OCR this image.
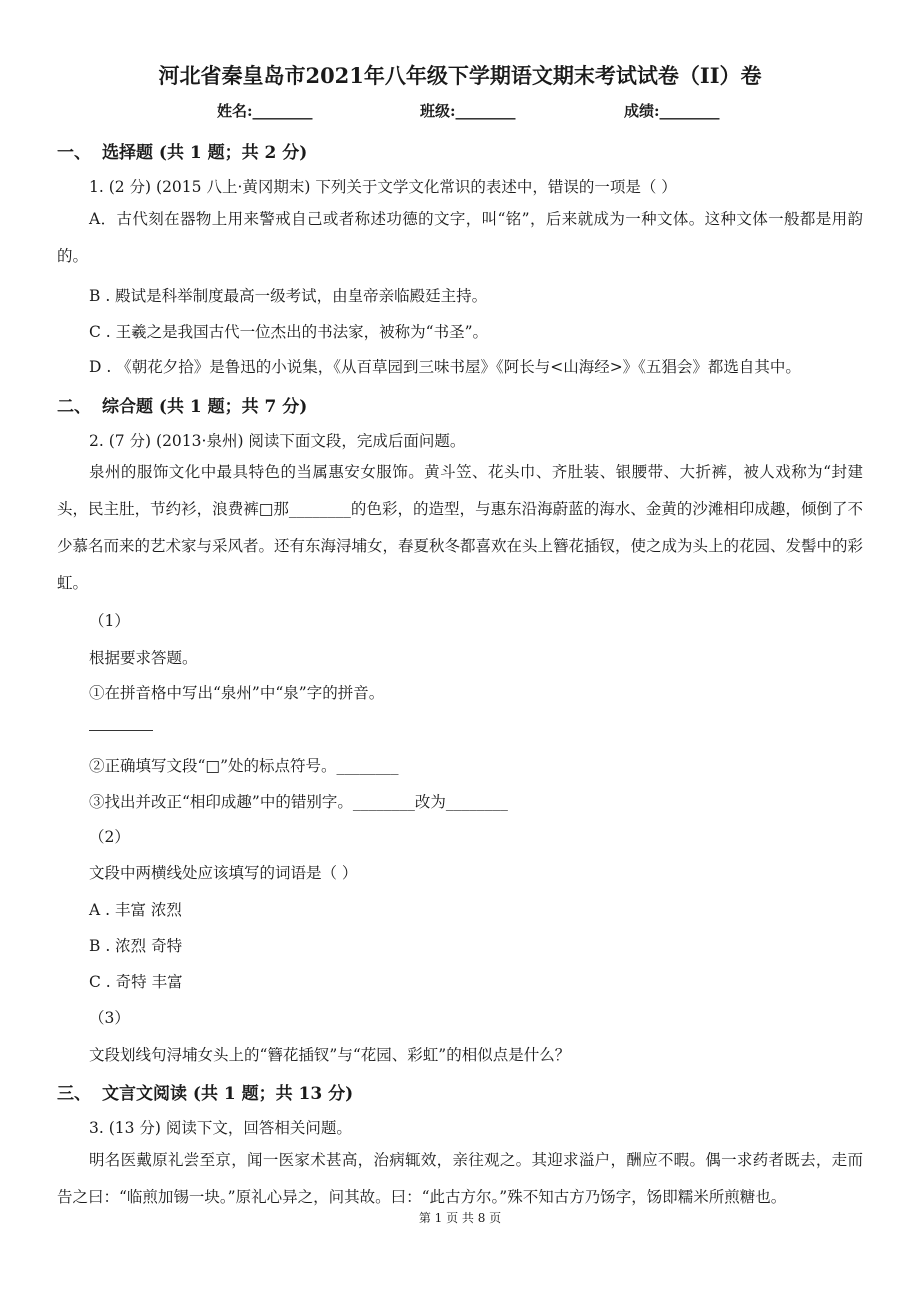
河北省秦皇岛市2021年八年级下学期语文期末考试试卷（II）卷
姓名:________	班级:________	成绩:________
一、 选择题 (共 1 题；共 2 分)
1. (2 分) (2015 八上·黄冈期末) 下列关于文学文化常识的表述中，错误的一项是（ ）
A．古代刻在器物上用来警戒自己或者称述功德的文字，叫“铭”，后来就成为一种文体。这种文体一般都是用韵的。
B . 殿试是科举制度最高一级考试，由皇帝亲临殿廷主持。
C . 王羲之是我国古代一位杰出的书法家，被称为“书圣”。
D . 《朝花夕拾》是鲁迅的小说集，《从百草园到三味书屋》《阿长与<山海经>》《五猖会》都选自其中。
二、 综合题 (共 1 题；共 7 分)
2. (7 分) (2013·泉州) 阅读下面文段，完成后面问题。
泉州的服饰文化中最具特色的当属惠安女服饰。黄斗笠、花头巾、齐肚装、银腰带、大折裤，被人戏称为“封建头，民主肚，节约衫，浪费裤□那________的色彩，的造型，与惠东沿海蔚蓝的海水、金黄的沙滩相印成趣，倾倒了不少慕名而来的艺术家与采风者。还有东海浔埔女，春夏秋冬都喜欢在头上簪花插钗，使之成为头上的花园、发髻中的彩虹。
（1）
根据要求答题。
①在拼音格中写出“泉州”中“泉”字的拼音。
②正确填写文段“□”处的标点符号。________
③找出并改正“相印成趣”中的错别字。________改为________
（2）
文段中两横线处应该填写的词语是（ ）
A . 丰富 浓烈
B . 浓烈 奇特
C . 奇特 丰富
（3）
文段划线句浔埔女头上的“簪花插钗”与“花园、彩虹”的相似点是什么？
三、 文言文阅读 (共 1 题；共 13 分)
3. (13 分) 阅读下文，回答相关问题。
明名医戴原礼尝至京，闻一医家术甚高，治病辄效，亲往观之。其迎求溢户，酬应不暇。偶一求药者既去，走而告之曰：“临煎加锡一块。”原礼心异之，问其故。曰：“此古方尔。”殊不知古方乃饧字，饧即糯米所煎糖也。
第 1 页 共 8 页
